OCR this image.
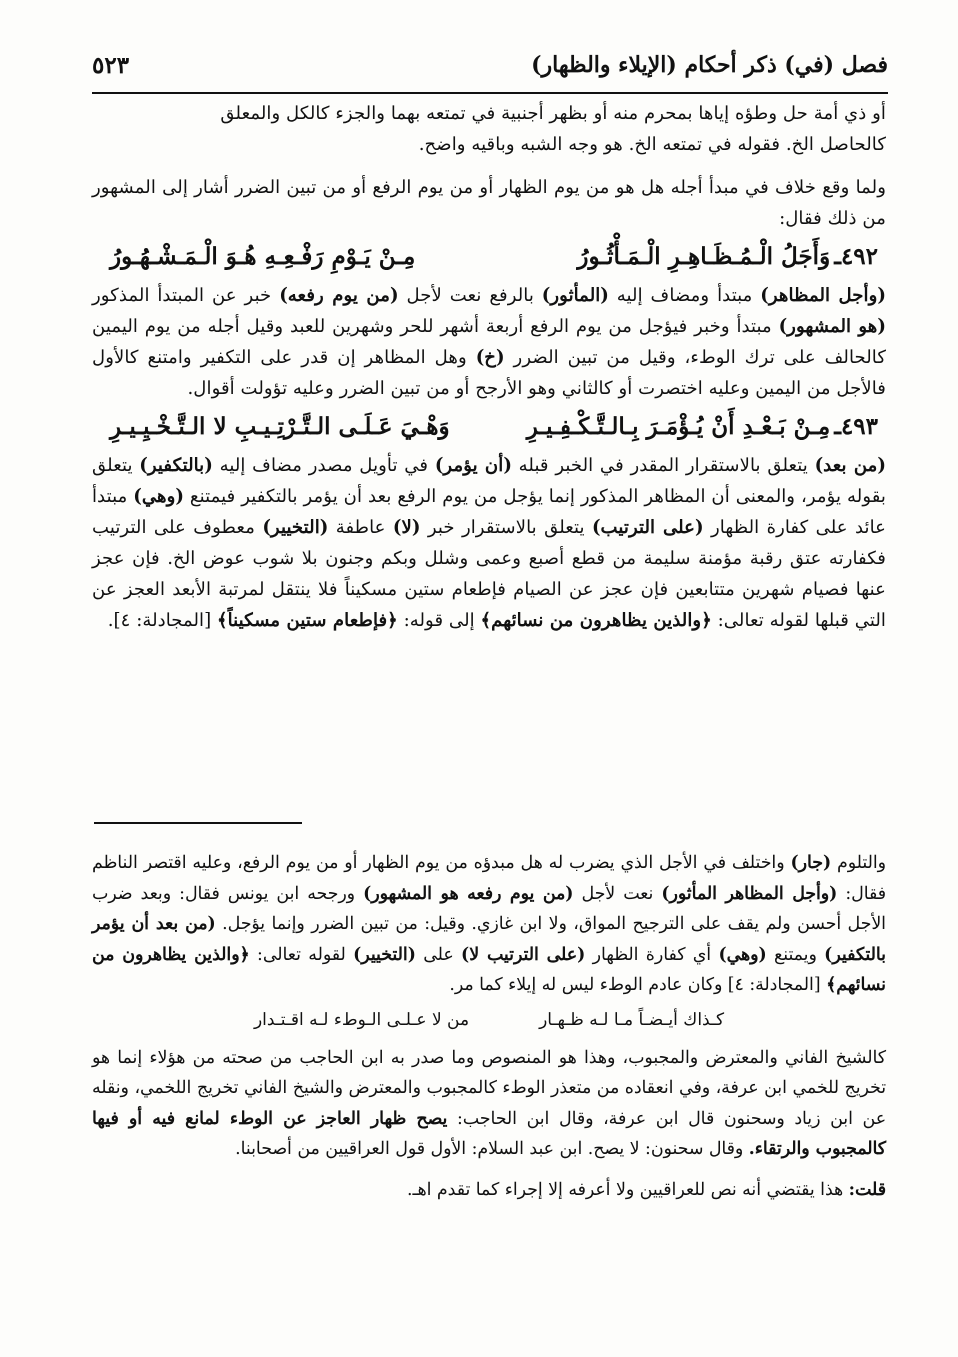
فصل (في) ذكر أحكام (الإيلاء والظهار)
٥٢٣

أو ذي أمة حل وطؤه إياها بمحرم منه أو بظهر أجنبية في تمتعه بهما والجزء كالكل والمعلق
كالحاصل الخ. فقوله في تمتعه الخ. هو وجه الشبه وباقيه واضح.

ولما وقع خلاف في مبدأ أجله هل هو من يوم الظهار أو من يوم الرفع أو من تبين الضرر أشار إلى المشهور من ذلك فقال:

٤٩٢ـ
وَأَجَلُ الْـمُـظَـاهِـرِ الْـمَـأْثُـورُ
مِـنْ يَـوْمِ رَفْـعِـهِ هُـوَ الْـمَـشْـهُـورُ

(وأجل المظاهر) مبتدأ ومضاف إليه (المأثور) بالرفع نعت لأجل (من يوم رفعه) خبر عن المبتدأ المذكور (هو المشهور) مبتدأ وخبر فيؤجل من يوم الرفع أربعة أشهر للحر وشهرين للعبد وقيل أجله من يوم اليمين كالحالف على ترك الوطء، وقيل من تبين الضرر (خ) وهل المظاهر إن قدر على التكفير وامتنع كالأول فالأجل من اليمين وعليه اختصرت أو كالثاني وهو الأرجح أو من تبين الضرر وعليه تؤولت أقوال.

٤٩٣ـ
مِـنْ بَـعْـدِ أَنْ يُـؤْمَـرَ بِـالـتَّـكْـفِـيـرِ
وَهْـيَ عَـلَـى الـتَّـرْتِـيـبِ لا الـتَّـخْـيِـيـرِ

(من بعد) يتعلق بالاستقرار المقدر في الخبر قبله (أن يؤمر) في تأويل مصدر مضاف إليه (بالتكفير) يتعلق بقوله يؤمر، والمعنى أن المظاهر المذكور إنما يؤجل من يوم الرفع بعد أن يؤمر بالتكفير فيمتنع (وهي) مبتدأ عائد على كفارة الظهار (على الترتيب) يتعلق بالاستقرار خبر (لا) عاطفة (التخيير) معطوف على الترتيب فكفارته عتق رقبة مؤمنة سليمة من قطع أصبع وعمى وشلل وبكم وجنون بلا شوب عوض الخ. فإن عجز عنها فصيام شهرين متتابعين فإن عجز عن الصيام فإطعام ستين مسكيناً فلا ينتقل لمرتبة الأبعد العجز عن التي قبلها لقوله تعالى: ﴿والذين يظاهرون من نسائهم﴾ إلى قوله: ﴿فإطعام ستين مسكيناً﴾ [المجادلة: ٤].

والتلوم (جار) واختلف في الأجل الذي يضرب له هل مبدؤه من يوم الظهار أو من يوم الرفع، وعليه اقتصر الناظم فقال: (وأجل المظاهر المأثور) نعت لأجل (من يوم رفعه هو المشهور) ورجحه ابن يونس فقال: وبعد ضرب الأجل أحسن ولم يقف على الترجيح المواق، ولا ابن غازي. وقيل: من تبين الضرر وإنما يؤجل. (من بعد أن يؤمر بالتكفير) ويمتنع (وهي) أي كفارة الظهار (على الترتيب لا) على (التخيير) لقوله تعالى: ﴿والذين يظاهرون من نسائهم﴾ [المجادلة: ٤] وكان عادم الوطء ليس له إيلاء كما مر.

كـذاك أيـضـاً مـا لـه ظـهـار
من لا عـلـى الـوطء لـه اقـتـدار

كالشيخ الفاني والمعترض والمجبوب، وهذا هو المنصوص وما صدر به ابن الحاجب من صحته من هؤلاء إنما هو تخريج للخمي ابن عرفة، وفي انعقاده من متعذر الوطء كالمجبوب والمعترض والشيخ الفاني تخريج اللخمي، ونقله عن ابن زياد وسحنون قال ابن عرفة، وقال ابن الحاجب: يصح ظهار العاجز عن الوطء لمانع فيه أو فيها كالمجبوب والرتقاء. وقال سحنون: لا يصح. ابن عبد السلام: الأول قول العراقيين من أصحابنا.

قلت: هذا يقتضي أنه نص للعراقيين ولا أعرفه إلا إجراء كما تقدم اهـ.
